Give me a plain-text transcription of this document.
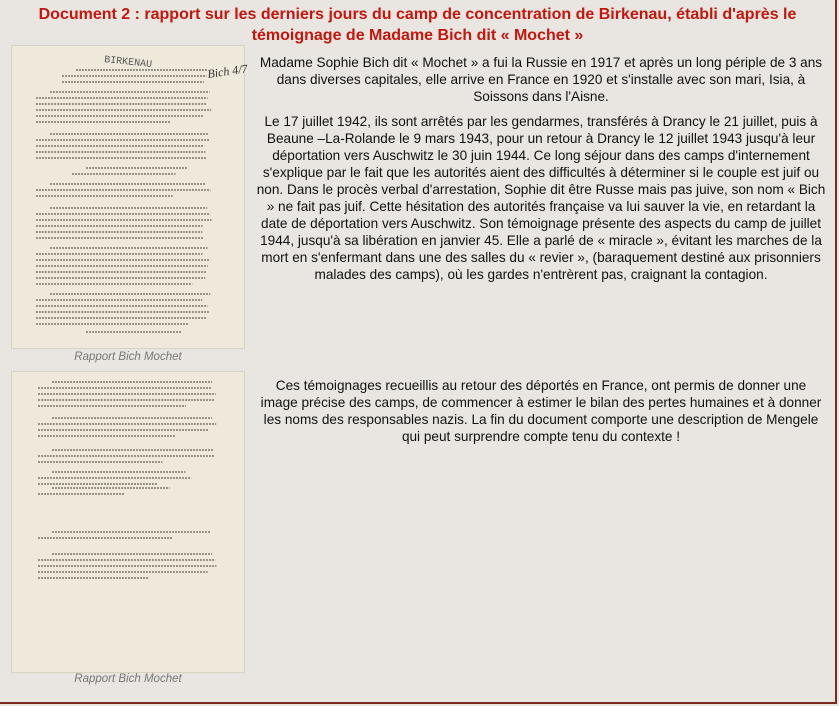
Document 2 : rapport sur les derniers jours du camp de concentration de Birkenau, établi d'après le
témoignage de Madame Bich dit « Mochet »
BIRKENAU	Bich 4/7
Rapport Bich Mochet
Rapport Bich Mochet

Madame Sophie Bich dit « Mochet » a fui la Russie en 1917 et après un long périple de 3 ans dans diverses capitales, elle arrive en France en 1920 et s'installe avec son mari, Isia, à Soissons dans l'Aisne.

Le 17 juillet 1942, ils sont arrêtés par les gendarmes, transférés à Drancy le 21 juillet, puis à Beaune –La-Rolande le 9 mars 1943, pour un retour à Drancy le 12 juillet 1943 jusqu'à leur déportation vers Auschwitz le 30 juin 1944. Ce long séjour dans des camps d'internement s'explique par le fait que les autorités aient des difficultés à déterminer si le couple est juif ou non. Dans le procès verbal d'arrestation, Sophie dit être Russe mais pas juive, son nom « Bich » ne fait pas juif. Cette hésitation des autorités française va lui sauver la vie, en retardant la date de déportation vers Auschwitz. Son témoignage présente des aspects du camp de juillet 1944, jusqu'à sa libération en janvier 45. Elle a parlé de « miracle », évitant les marches de la mort en s'enfermant dans une des salles du « revier », (baraquement destiné aux prisonniers malades des camps), où les gardes n'entrèrent pas, craignant la contagion.

Ces témoignages recueillis au retour des déportés en France, ont permis de donner une image précise des camps, de commencer à estimer le bilan des pertes humaines et à donner les noms des responsables nazis. La fin du document comporte une description de Mengele qui peut surprendre compte tenu du contexte !
